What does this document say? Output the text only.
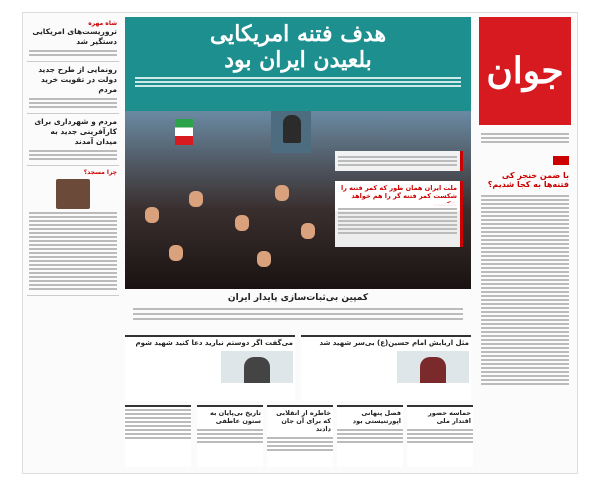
جوان

با ضمن خنجر کی فتنه‌ها به کجا شدیم؟
شاه مهره
تروریست‌های امریکایی دستگیر شد
رونمایی از طرح جدید دولت در تقویت خرید مردم
مردم و شهرداری برای کارآفرینی جدید به میدان آمدند
چرا مسجد؟
هدف فتنه امریکایی
بلعیدن ایران بود
ملت ایران همان طور که کمر فتنه را شکست کمر فتنه گر را هم خواهد
کمپین بی‌ثبات‌سازی پایدار ایران
می‌گفت اگر دوستم نبارید دعا کنید شهید شوم	مثل اربابش امام حسین(ع) بی‌سر شهید شد
حماسه حضور اقتدار ملی
فصل پنهانی اپورتنیستی بود
خاطره از انقلابی که برای آن جان دادند
تاریخ بی‌پایان به ستون عاطفی
